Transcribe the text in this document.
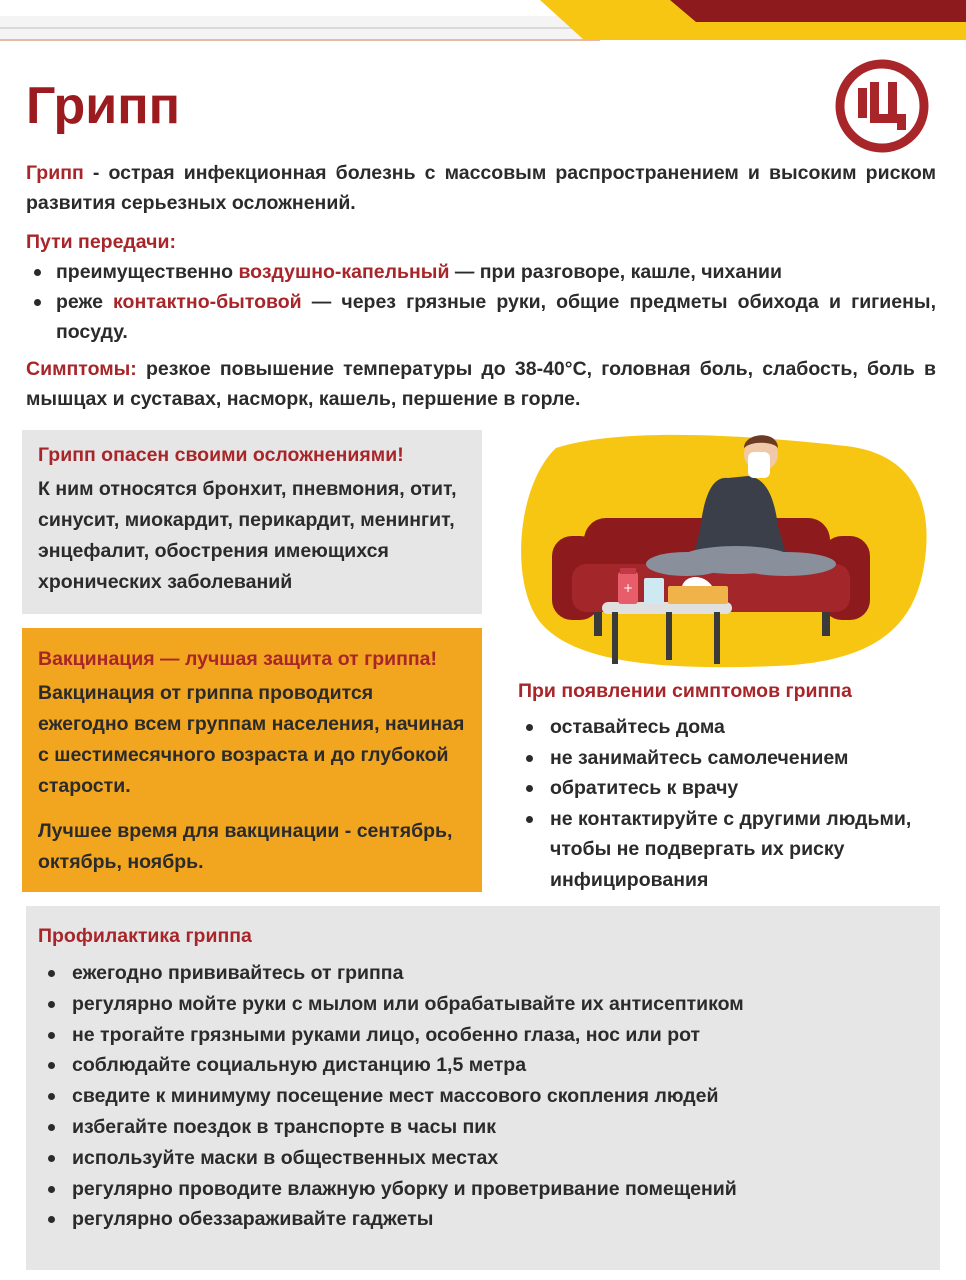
Грипп

Грипп - острая инфекционная болезнь с массовым распространением и высоким риском развития серьезных осложнений.

Пути передачи:
преимущественно воздушно-капельный — при разговоре, кашле, чихании
реже контактно-бытовой — через грязные руки, общие предметы обихода и гигиены, посуду.

Симптомы: резкое повышение температуры до 38-40°С, головная боль, слабость, боль в мышцах и суставах, насморк, кашель, першение в горле.

Грипп опасен своими осложнениями!

К ним относятся бронхит, пневмония, отит, синусит, миокардит, перикардит, менингит, энцефалит, обострения имеющихся хронических заболеваний

Вакцинация — лучшая защита от гриппа!

Вакцинация от гриппа проводится ежегодно всем группам населения, начиная с шестимесячного возраста и до глубокой старости.

Лучшее время для вакцинации - сентябрь, октябрь, ноябрь.

+
При появлении симптомов гриппа
оставайтесь дома
не занимайтесь самолечением
обратитесь к врачу
не контактируйте с другими людьми, чтобы не подвергать их риску инфицирования
Профилактика гриппа
ежегодно прививайтесь от гриппа
регулярно мойте руки с мылом или обрабатывайте их антисептиком
не трогайте грязными руками лицо, особенно глаза, нос или рот
соблюдайте социальную дистанцию 1,5 метра
сведите к минимуму посещение мест массового скопления людей
избегайте поездок в транспорте в часы пик
используйте маски в общественных местах
регулярно проводите влажную уборку и проветривание помещений
регулярно обеззараживайте гаджеты
